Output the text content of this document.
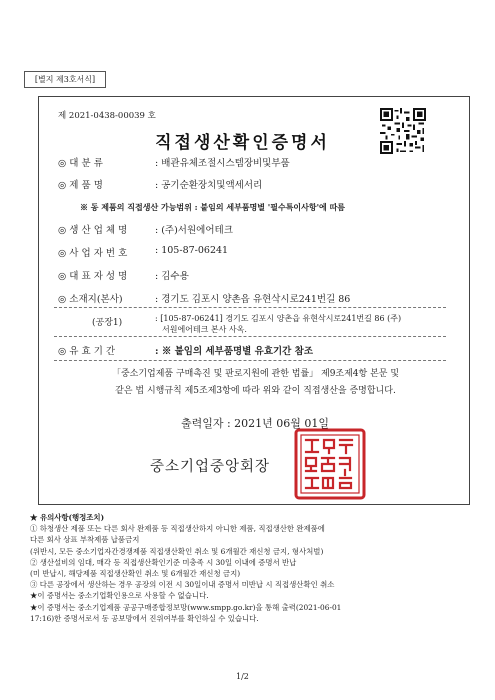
[별지 제3호서식]
제 2021-0438-00039 호
직접생산확인증명서
◎ 대 분 류	: 배관유체조절시스템장비및부품
◎ 제 품 명	: 공기순환장치및액세서리
※ 동 제품의 직접생산 가능범위 : 붙임의 세부품명별 '필수특이사항'에 따름
◎ 생 산 업 체 명	: (주)서원에어테크
◎ 사 업 자 번 호	: 105-87-06241
◎ 대 표 자 성 명	: 김수용
◎ 소재지(본사)	: 경기도 김포시 양촌읍 유현삭시로241번길 86
(공장1)	: [105-87-06241] 경기도 김포시 양촌읍 유현삭시로241번길 86 (주)
서원에어테크 본사 사옥.
◎ 유 효 기 간	: ※ 붙임의 세부품명별 유효기간 참조
「중소기업제품 구매촉진 및 판로지원에 관한 법률」 제9조제4항 본문 및
같은 법 시행규칙 제5조제3항에 따라 위와 같이 직접생산을 증명합니다.
출력일자 : 2021년 06월 01일
중소기업중앙회장
★ 유의사항(행정조치)
① 하청생산 제품 또는 다른 회사 완제품 등 직접생산하지 아니한 제품, 직접생산한 완제품에
다른 회사 상표 부착제품 납품금지
(위반시, 모든 중소기업자간경쟁제품 직접생산확인 취소 및 6개월간 재신청 금지, 형사처벌)
② 생산설비의 임대, 매각 등 직접생산확인기준 미충족 시 30일 이내에 증명서 반납
(미 반납시, 해당제품 직접생산확인 취소 및 6개월간 재신청 금지)
③ 다른 공장에서 생산하는 경우 공장의 이전 시 30일이내 증명서 미반납 시 직접생산확인 취소
★이 증명서는 중소기업확인용으로 사용할 수 없습니다.
★이 증명서는 중소기업제품 공공구매종합정보망(www.smpp.go.kr)을 통해 출력(2021-06-01
17:16)한 증명서로서 동 공보망에서 진위여부를 확인하실 수 있습니다.
1/2
